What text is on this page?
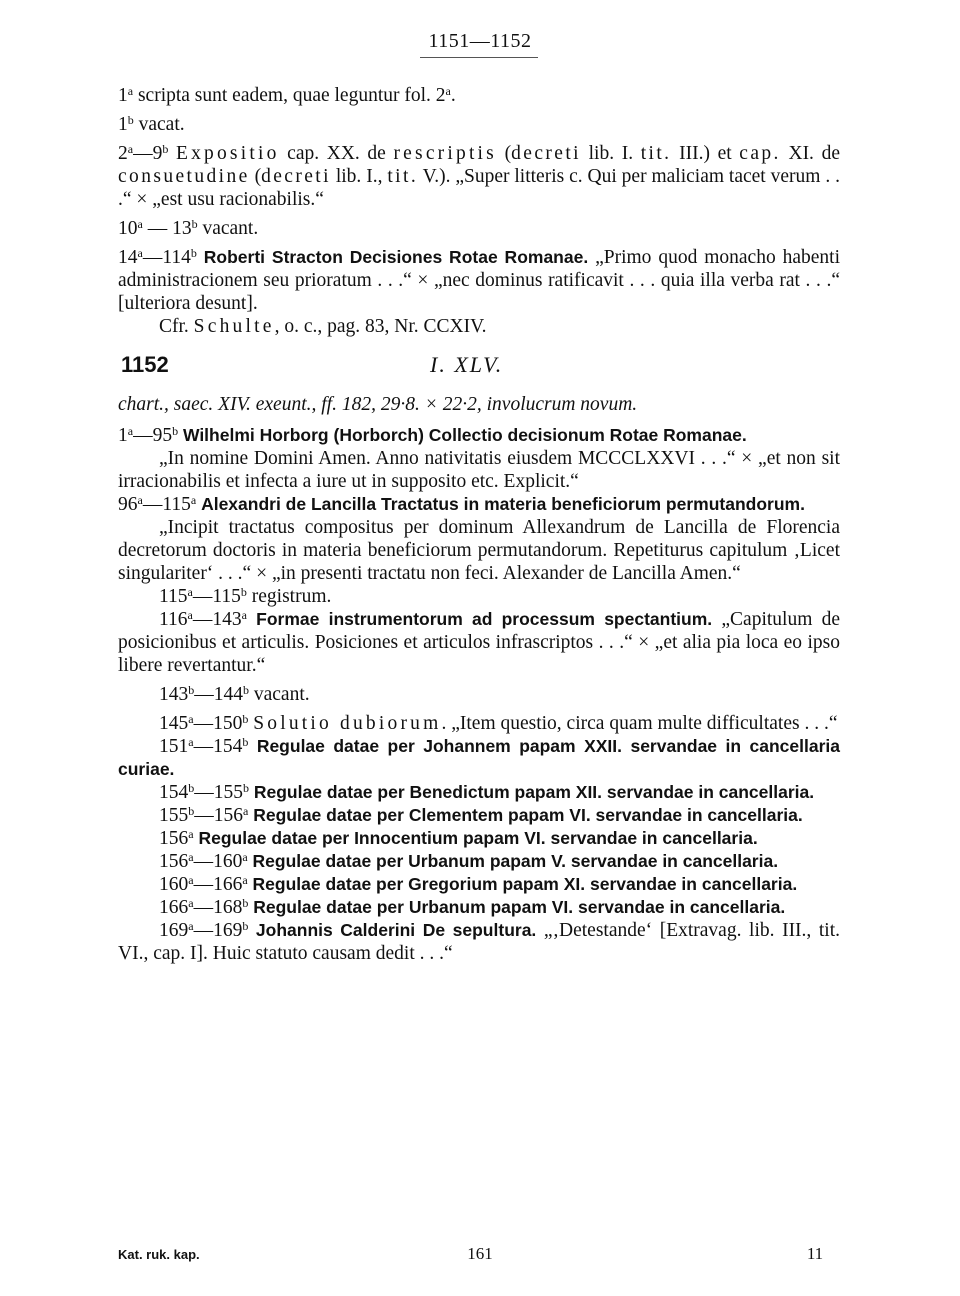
1151—1152

1$^a$ scripta sunt eadem, quae leguntur fol. 2$^a$.

1$^b$ vacat.

2$^a$—9$^b$ Expositio cap. XX. de rescriptis (decreti lib. I. tit. III.) et cap. XI. de consuetudine (decreti lib. I., tit. V.). „Super litteris c. Qui per maliciam tacet verum . . .“ × „est usu racionabilis.“

10$^a$ — 13$^b$ vacant.

14$^a$—114$^b$ Roberti Stracton Decisiones Rotae Romanae. „Primo quod monacho habenti administracionem seu prioratum . . .“ × „nec dominus ratificavit . . . quia illa verba rat . . .“ [ulteriora desunt].

Cfr. Schulte, o. c., pag. 83, Nr. CCXIV.

1152	I. XLV.

chart., saec. XIV. exeunt., ff. 182, 29·8. × 22·2, involucrum novum.

1$^a$—95$^b$ Wilhelmi Horborg (Horborch) Collectio decisionum Rotae Romanae.

„In nomine Domini Amen. Anno nativitatis eiusdem MCCCLXXVI . . .“ × „et non sit irracionabilis et infecta a iure ut in supposito etc. Explicit.“

96$^a$—115$^a$ Alexandri de Lancilla Tractatus in materia beneficiorum permutandorum.

„Incipit tractatus compositus per dominum Allexandrum de Lancilla de Florencia decretorum doctoris in materia beneficiorum permutandorum. Repetiturus capitulum ‚Licet singulariter‘ . . .“ × „in presenti tractatu non feci. Alexander de Lancilla Amen.“

115$^a$—115$^b$ registrum.

116$^a$—143$^a$ Formae instrumentorum ad processum spectantium. „Capitulum de posicionibus et articulis. Posiciones et articulos infrascriptos . . .“ × „et alia pia loca eo ipso libere revertantur.“

143$^b$—144$^b$ vacant.

145$^a$—150$^b$ Solutio dubiorum. „Item questio, circa quam multe difficultates . . .“

151$^a$—154$^b$ Regulae datae per Johannem papam XXII. servandae in cancellaria curiae.

154$^b$—155$^b$ Regulae datae per Benedictum papam XII. servandae in cancellaria.

155$^b$—156$^a$ Regulae datae per Clementem papam VI. servandae in cancellaria.

156$^a$ Regulae datae per Innocentium papam VI. servandae in cancellaria.

156$^a$—160$^a$ Regulae datae per Urbanum papam V. servandae in cancellaria.

160$^a$—166$^a$ Regulae datae per Gregorium papam XI. servandae in cancellaria.

166$^a$—168$^b$ Regulae datae per Urbanum papam VI. servandae in cancellaria.

169$^a$—169$^b$ Johannis Calderini De sepultura. „‚Detestande‘ [Extravag. lib. III., tit. VI., cap. I]. Huic statuto causam dedit . . .“

Kat. ruk. kap.	161	11
